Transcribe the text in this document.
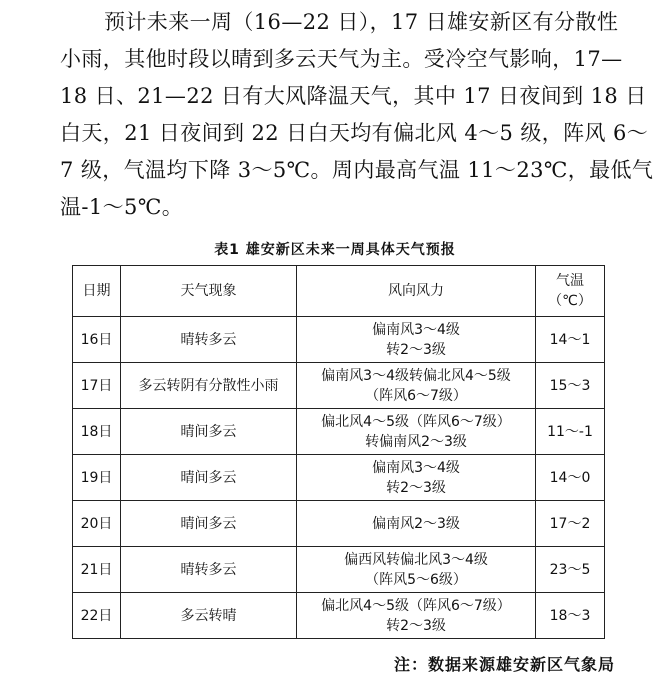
预计未来一周（16—22 日），17 日雄安新区有分散性
小雨，其他时段以晴到多云天气为主。受冷空气影响，17—
18 日、21—22 日有大风降温天气，其中 17 日夜间到 18 日
白天，21 日夜间到 22 日白天均有偏北风 4～5 级，阵风 6～
7 级，气温均下降 3～5℃。周内最高气温 11～23℃，最低气
温-1～5℃。
表1 雄安新区未来一周具体天气预报
日期	天气现象	风向风力	气温
（℃）

16日	晴转多云	偏南风3～4级
转2～3级	14～1
17日	多云转阴有分散性小雨	偏南风3～4级转偏北风4～5级
（阵风6～7级）	15～3
18日	晴间多云	偏北风4～5级（阵风6～7级）
转偏南风2～3级	11～-1
19日	晴间多云	偏南风3～4级
转2～3级	14～0
20日	晴间多云	偏南风2～3级	17～2
21日	晴转多云	偏西风转偏北风3～4级
（阵风5～6级）	23～5
22日	多云转晴	偏北风4～5级（阵风6～7级）
转2～3级	18～3
注：数据来源雄安新区气象局
